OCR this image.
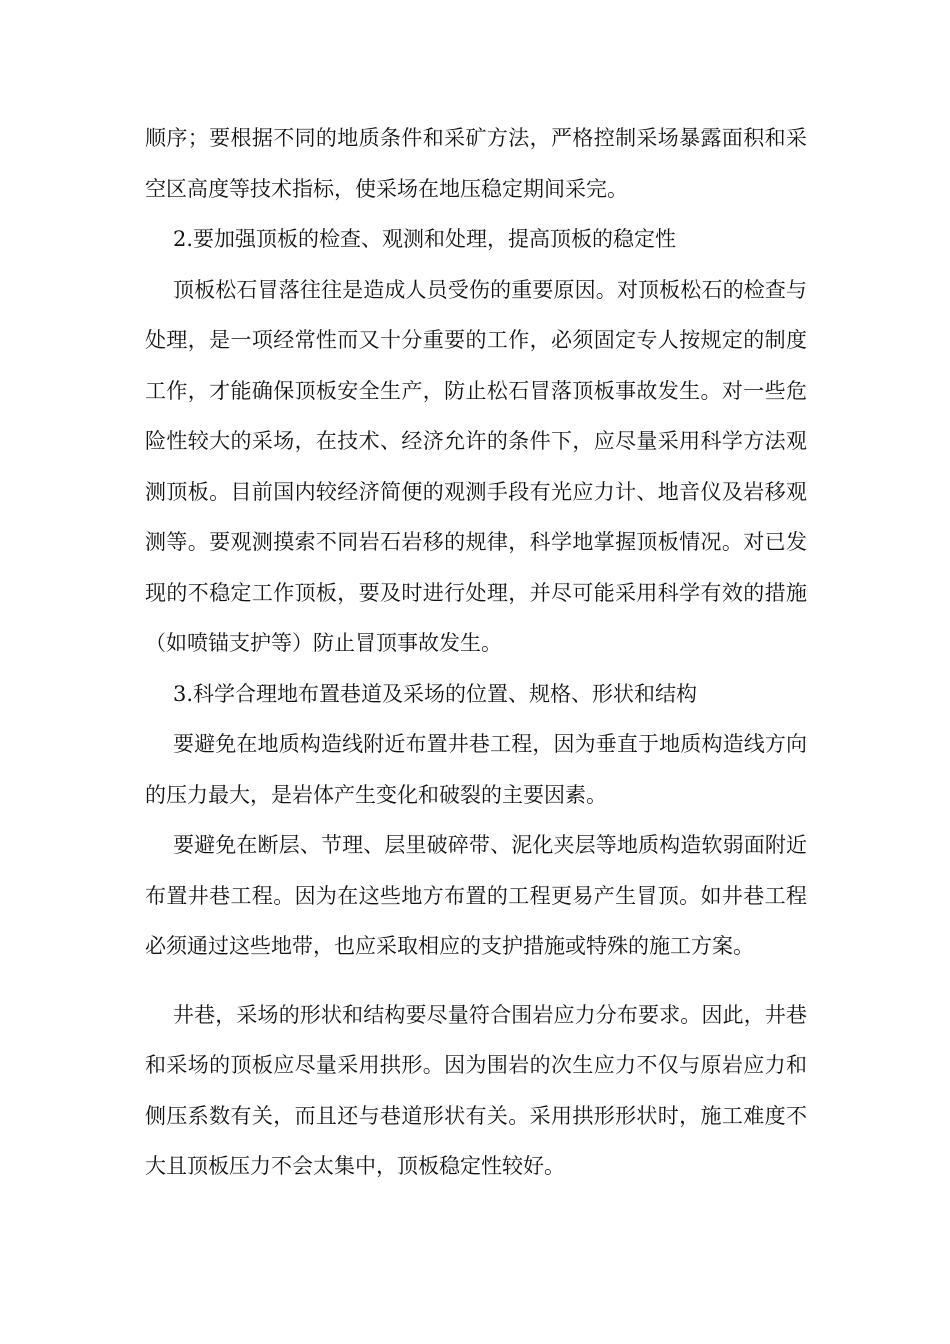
顺序；要根据不同的地质条件和采矿方法，严格控制采场暴露面积和采空区高度等技术指标，使采场在地压稳定期间采完。

2.要加强顶板的检查、观测和处理，提高顶板的稳定性

顶板松石冒落往往是造成人员受伤的重要原因。对顶板松石的检查与处理，是一项经常性而又十分重要的工作，必须固定专人按规定的制度工作，才能确保顶板安全生产，防止松石冒落顶板事故发生。对一些危险性较大的采场，在技术、经济允许的条件下，应尽量采用科学方法观测顶板。目前国内较经济简便的观测手段有光应力计、地音仪及岩移观测等。要观测摸索不同岩石岩移的规律，科学地掌握顶板情况。对已发现的不稳定工作顶板，要及时进行处理，并尽可能采用科学有效的措施（如喷锚支护等）防止冒顶事故发生。

3.科学合理地布置巷道及采场的位置、规格、形状和结构

要避免在地质构造线附近布置井巷工程，因为垂直于地质构造线方向的压力最大，是岩体产生变化和破裂的主要因素。

要避免在断层、节理、层里破碎带、泥化夹层等地质构造软弱面附近布置井巷工程。因为在这些地方布置的工程更易产生冒顶。如井巷工程必须通过这些地带，也应采取相应的支护措施或特殊的施工方案。

井巷，采场的形状和结构要尽量符合围岩应力分布要求。因此，井巷和采场的顶板应尽量采用拱形。因为围岩的次生应力不仅与原岩应力和侧压系数有关，而且还与巷道形状有关。采用拱形形状时，施工难度不大且顶板压力不会太集中，顶板稳定性较好。
